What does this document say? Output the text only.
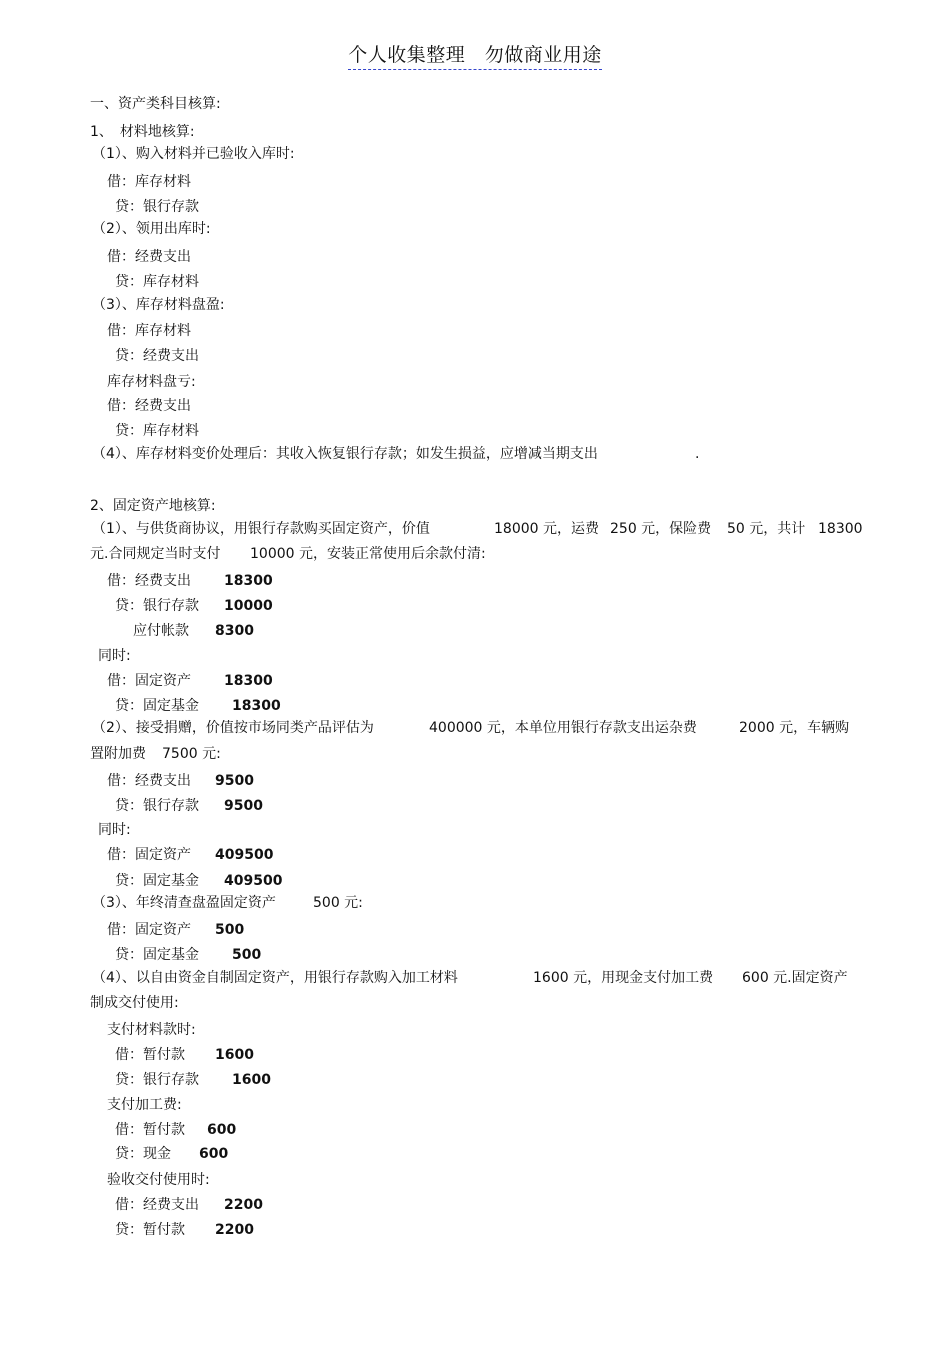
个人收集整理　勿做商业用途
一、资产类科目核算:
1、　材料地核算:
（1）、购入材料并已验收入库时:
借：库存材料
贷：银行存款
（2）、领用出库时:
借：经费支出
贷：库存材料
（3）、库存材料盘盈:
借：库存材料
贷：经费支出
库存材料盘亏:
借：经费支出
贷：库存材料
（4）、库存材料变价处理后：其收入恢复银行存款；如发生损益，应增减当期支出	.
2、固定资产地核算:
（1）、与供货商协议，用银行存款购买固定资产，价值	18000 元，运费 250 元，保险费 50 元，共计 18300
元.合同规定当时支付 10000 元，安装正常使用后余款付清:
借：经费支出 18300
贷：银行存款 10000
应付帐款 8300
同时:
借：固定资产 18300
贷：固定基金 18300
（2）、接受捐赠，价值按市场同类产品评估为	400000 元，本单位用银行存款支出运杂费	2000 元，车辆购
置附加费 7500 元:
借：经费支出 9500
贷：银行存款 9500
同时:
借：固定资产 409500
贷：固定基金 409500
（3）、年终清查盘盈固定资产	500 元:
借：固定资产 500
贷：固定基金 500
（4）、以自由资金自制固定资产，用银行存款购入加工材料	1600 元，用现金支付加工费 600 元.固定资产
制成交付使用:
支付材料款时:
借：暂付款 1600
贷：银行存款 1600
支付加工费:
借：暂付款 600
贷：现金 600
验收交付使用时:
借：经费支出 2200
贷：暂付款 2200
